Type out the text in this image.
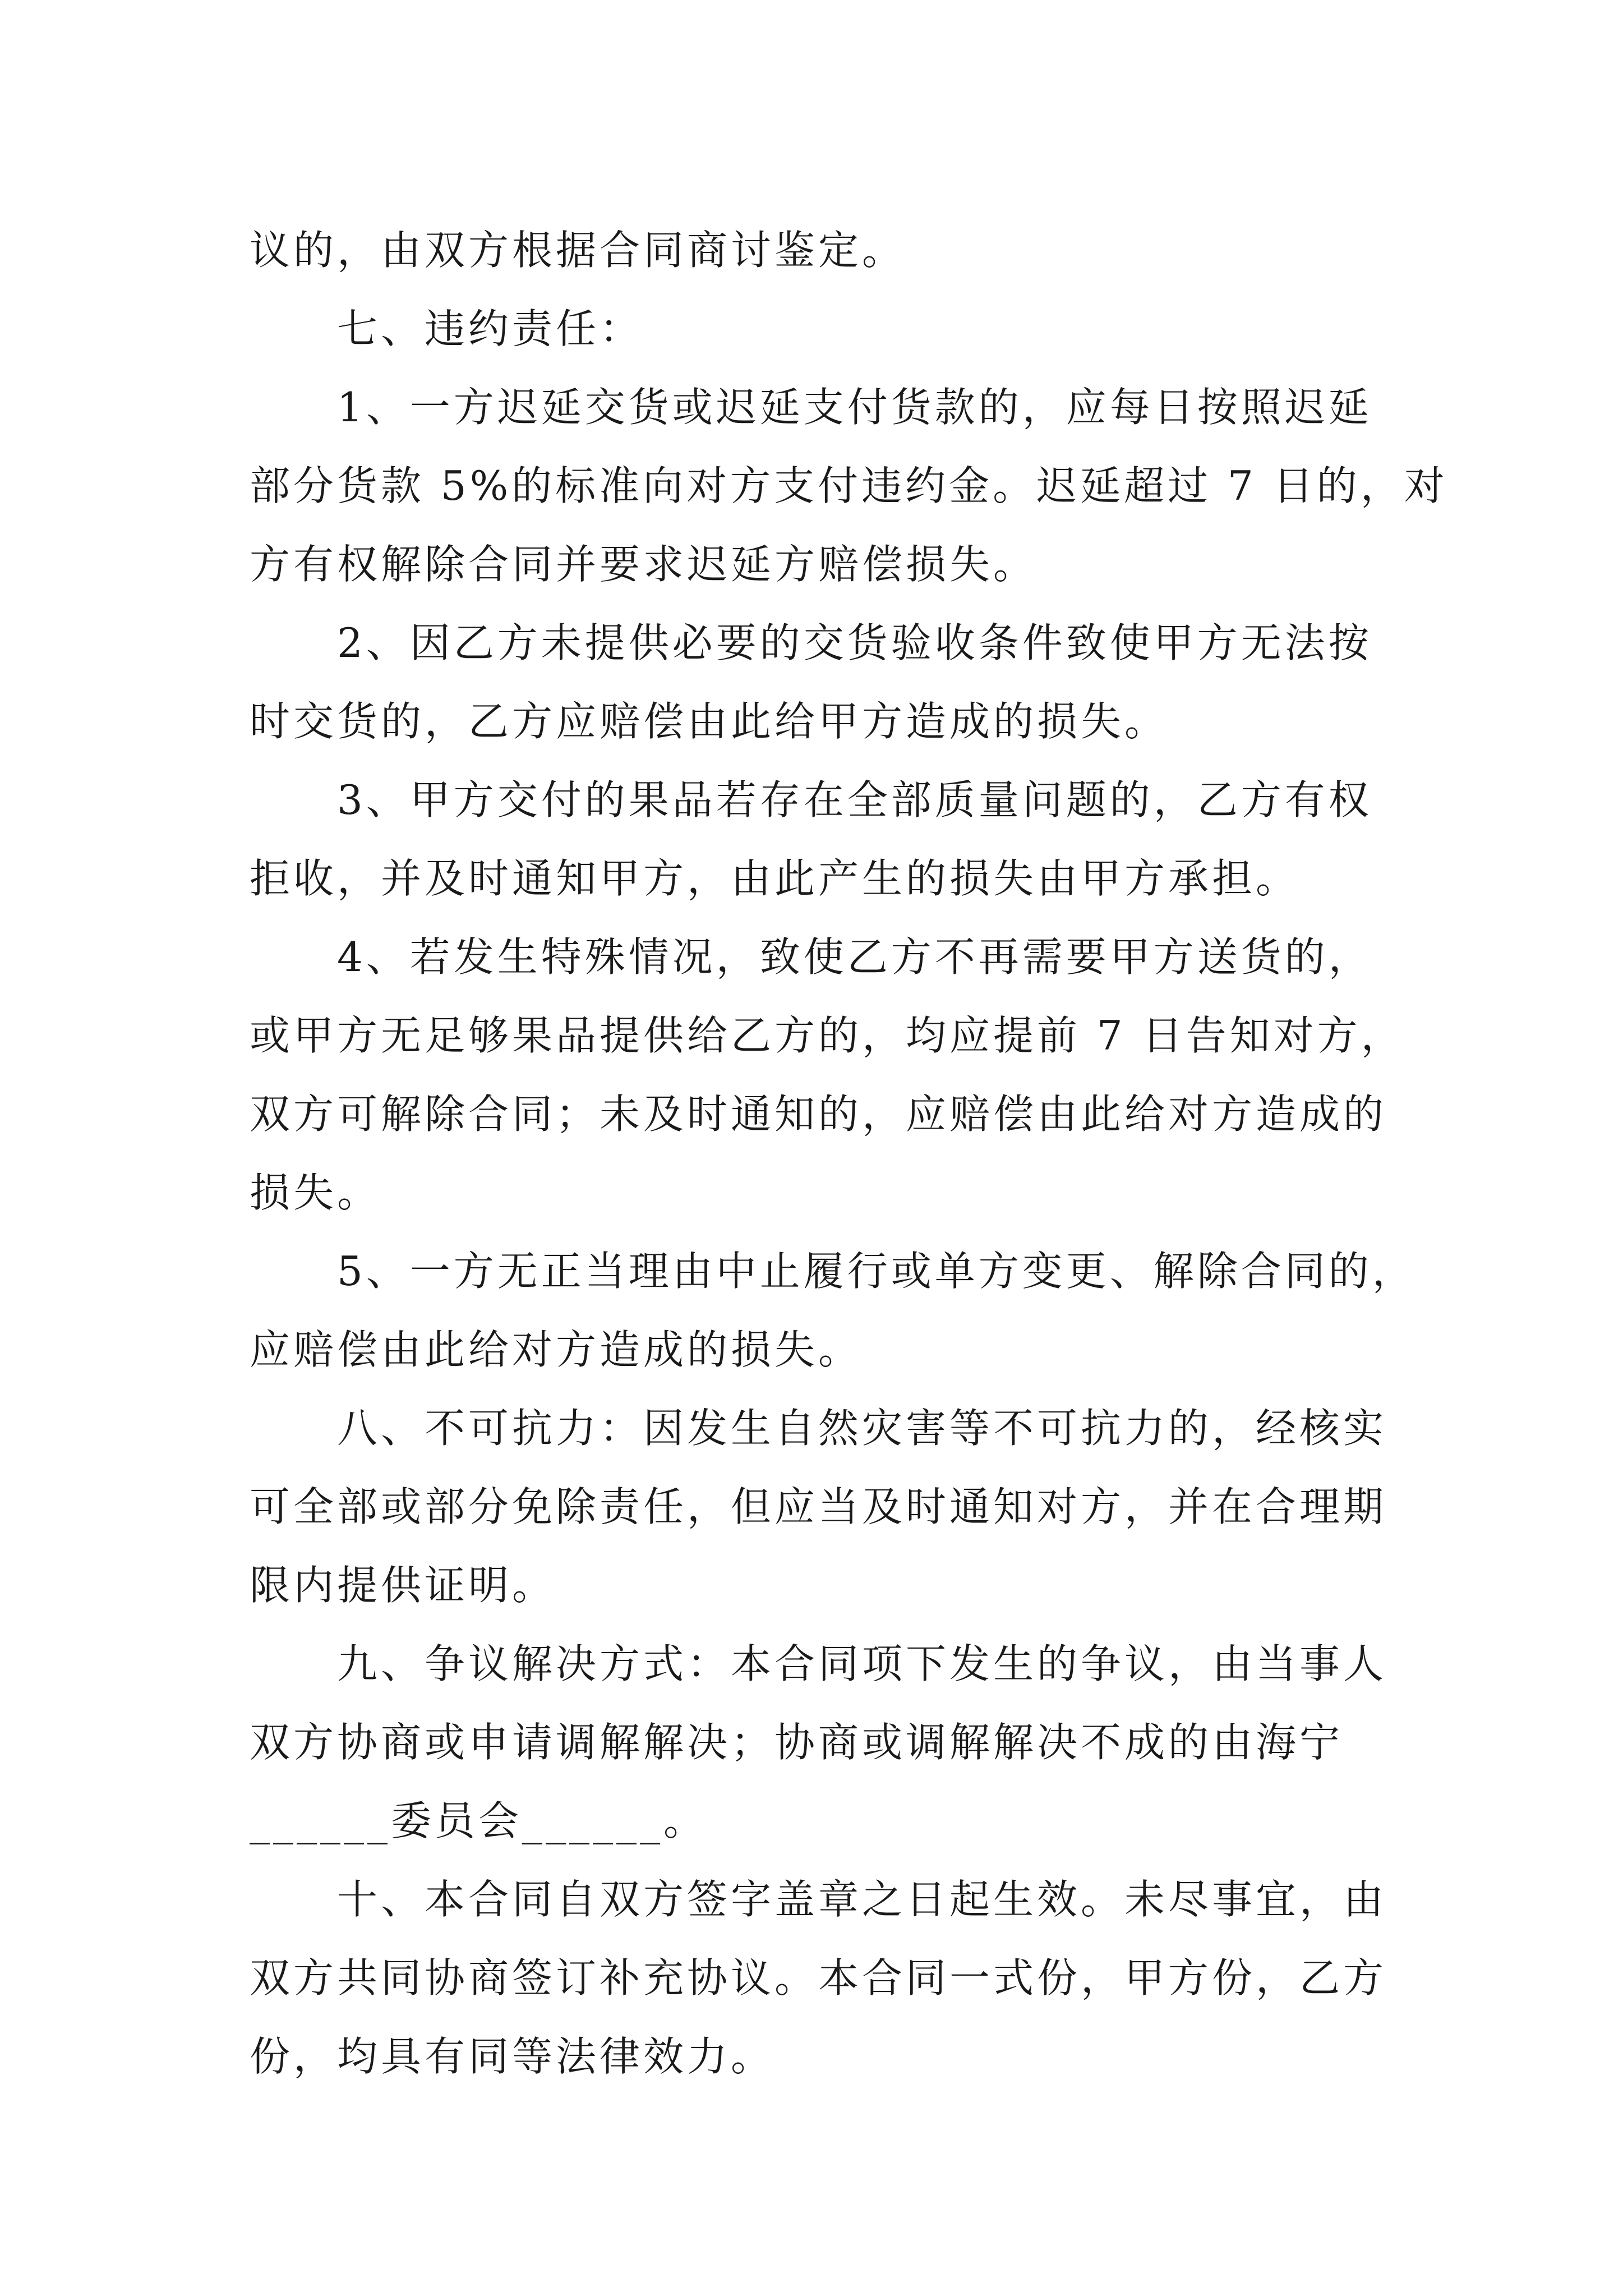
议的，由双方根据合同商讨鉴定。

七、违约责任：

1、一方迟延交货或迟延支付货款的，应每日按照迟延
部分货款 5%的标准向对方支付违约金。迟延超过 7 日的，对
方有权解除合同并要求迟延方赔偿损失。

2、因乙方未提供必要的交货验收条件致使甲方无法按
时交货的，乙方应赔偿由此给甲方造成的损失。

3、甲方交付的果品若存在全部质量问题的，乙方有权
拒收，并及时通知甲方，由此产生的损失由甲方承担。

4、若发生特殊情况，致使乙方不再需要甲方送货的，
或甲方无足够果品提供给乙方的，均应提前 7 日告知对方，
双方可解除合同；未及时通知的，应赔偿由此给对方造成的
损失。

5、一方无正当理由中止履行或单方变更、解除合同的，
应赔偿由此给对方造成的损失。

八、不可抗力：因发生自然灾害等不可抗力的，经核实
可全部或部分免除责任，但应当及时通知对方，并在合理期
限内提供证明。

九、争议解决方式：本合同项下发生的争议，由当事人
双方协商或申请调解解决；协商或调解解决不成的由海宁
______委员会______。

十、本合同自双方签字盖章之日起生效。未尽事宜，由
双方共同协商签订补充协议。本合同一式份，甲方份，乙方
份，均具有同等法律效力。
